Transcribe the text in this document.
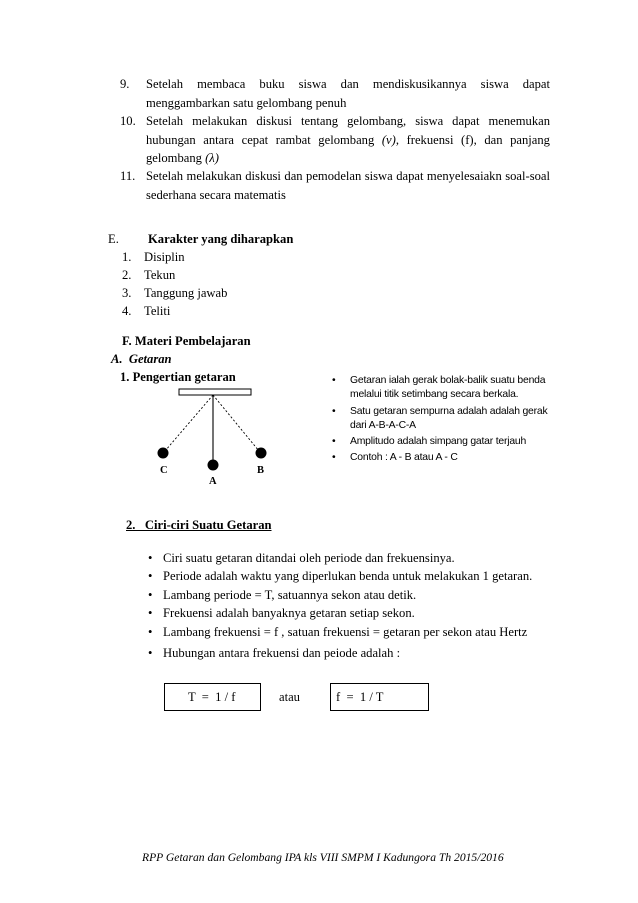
9.	Setelah membaca buku siswa dan mendiskusikannya siswa dapat menggambarkan satu gelombang penuh
10. Setelah melakukan diskusi tentang gelombang, siswa dapat menemukan hubungan antara cepat rambat gelombang (v), frekuensi (f), dan panjang gelombang (λ)
11. Setelah melakukan diskusi dan pemodelan siswa dapat menyelesaiakn soal-soal sederhana secara matematis
E. Karakter yang diharapkan
1. Disiplin
2. Tekun
3. Tanggung jawab
4. Teliti
F. Materi Pembelajaran
A.  Getaran
1. Pengertian getaran
C
A
B
• Getaran ialah gerak bolak-balik suatu benda melalui titik setimbang secara berkala.
• Satu getaran sempurna adalah adalah gerak dari A-B-A-C-A
• Amplitudo adalah simpang gatar terjauh
• Contoh : A - B atau A - C
2.   Ciri-ciri Suatu Getaran
• Ciri suatu getaran ditandai oleh periode dan frekuensinya.
• Periode adalah waktu yang diperlukan benda untuk melakukan 1 getaran.
• Lambang periode = T, satuannya sekon atau detik.
• Frekuensi adalah banyaknya getaran setiap sekon.
• Lambang frekuensi = f , satuan frekuensi = getaran per sekon atau Hertz
• Hubungan antara frekuensi dan peiode adalah :
T  =  1 / f	atau	f  =  1 / T
RPP Getaran dan Gelombang IPA kls VIII SMPM I Kadungora Th 2015/2016
